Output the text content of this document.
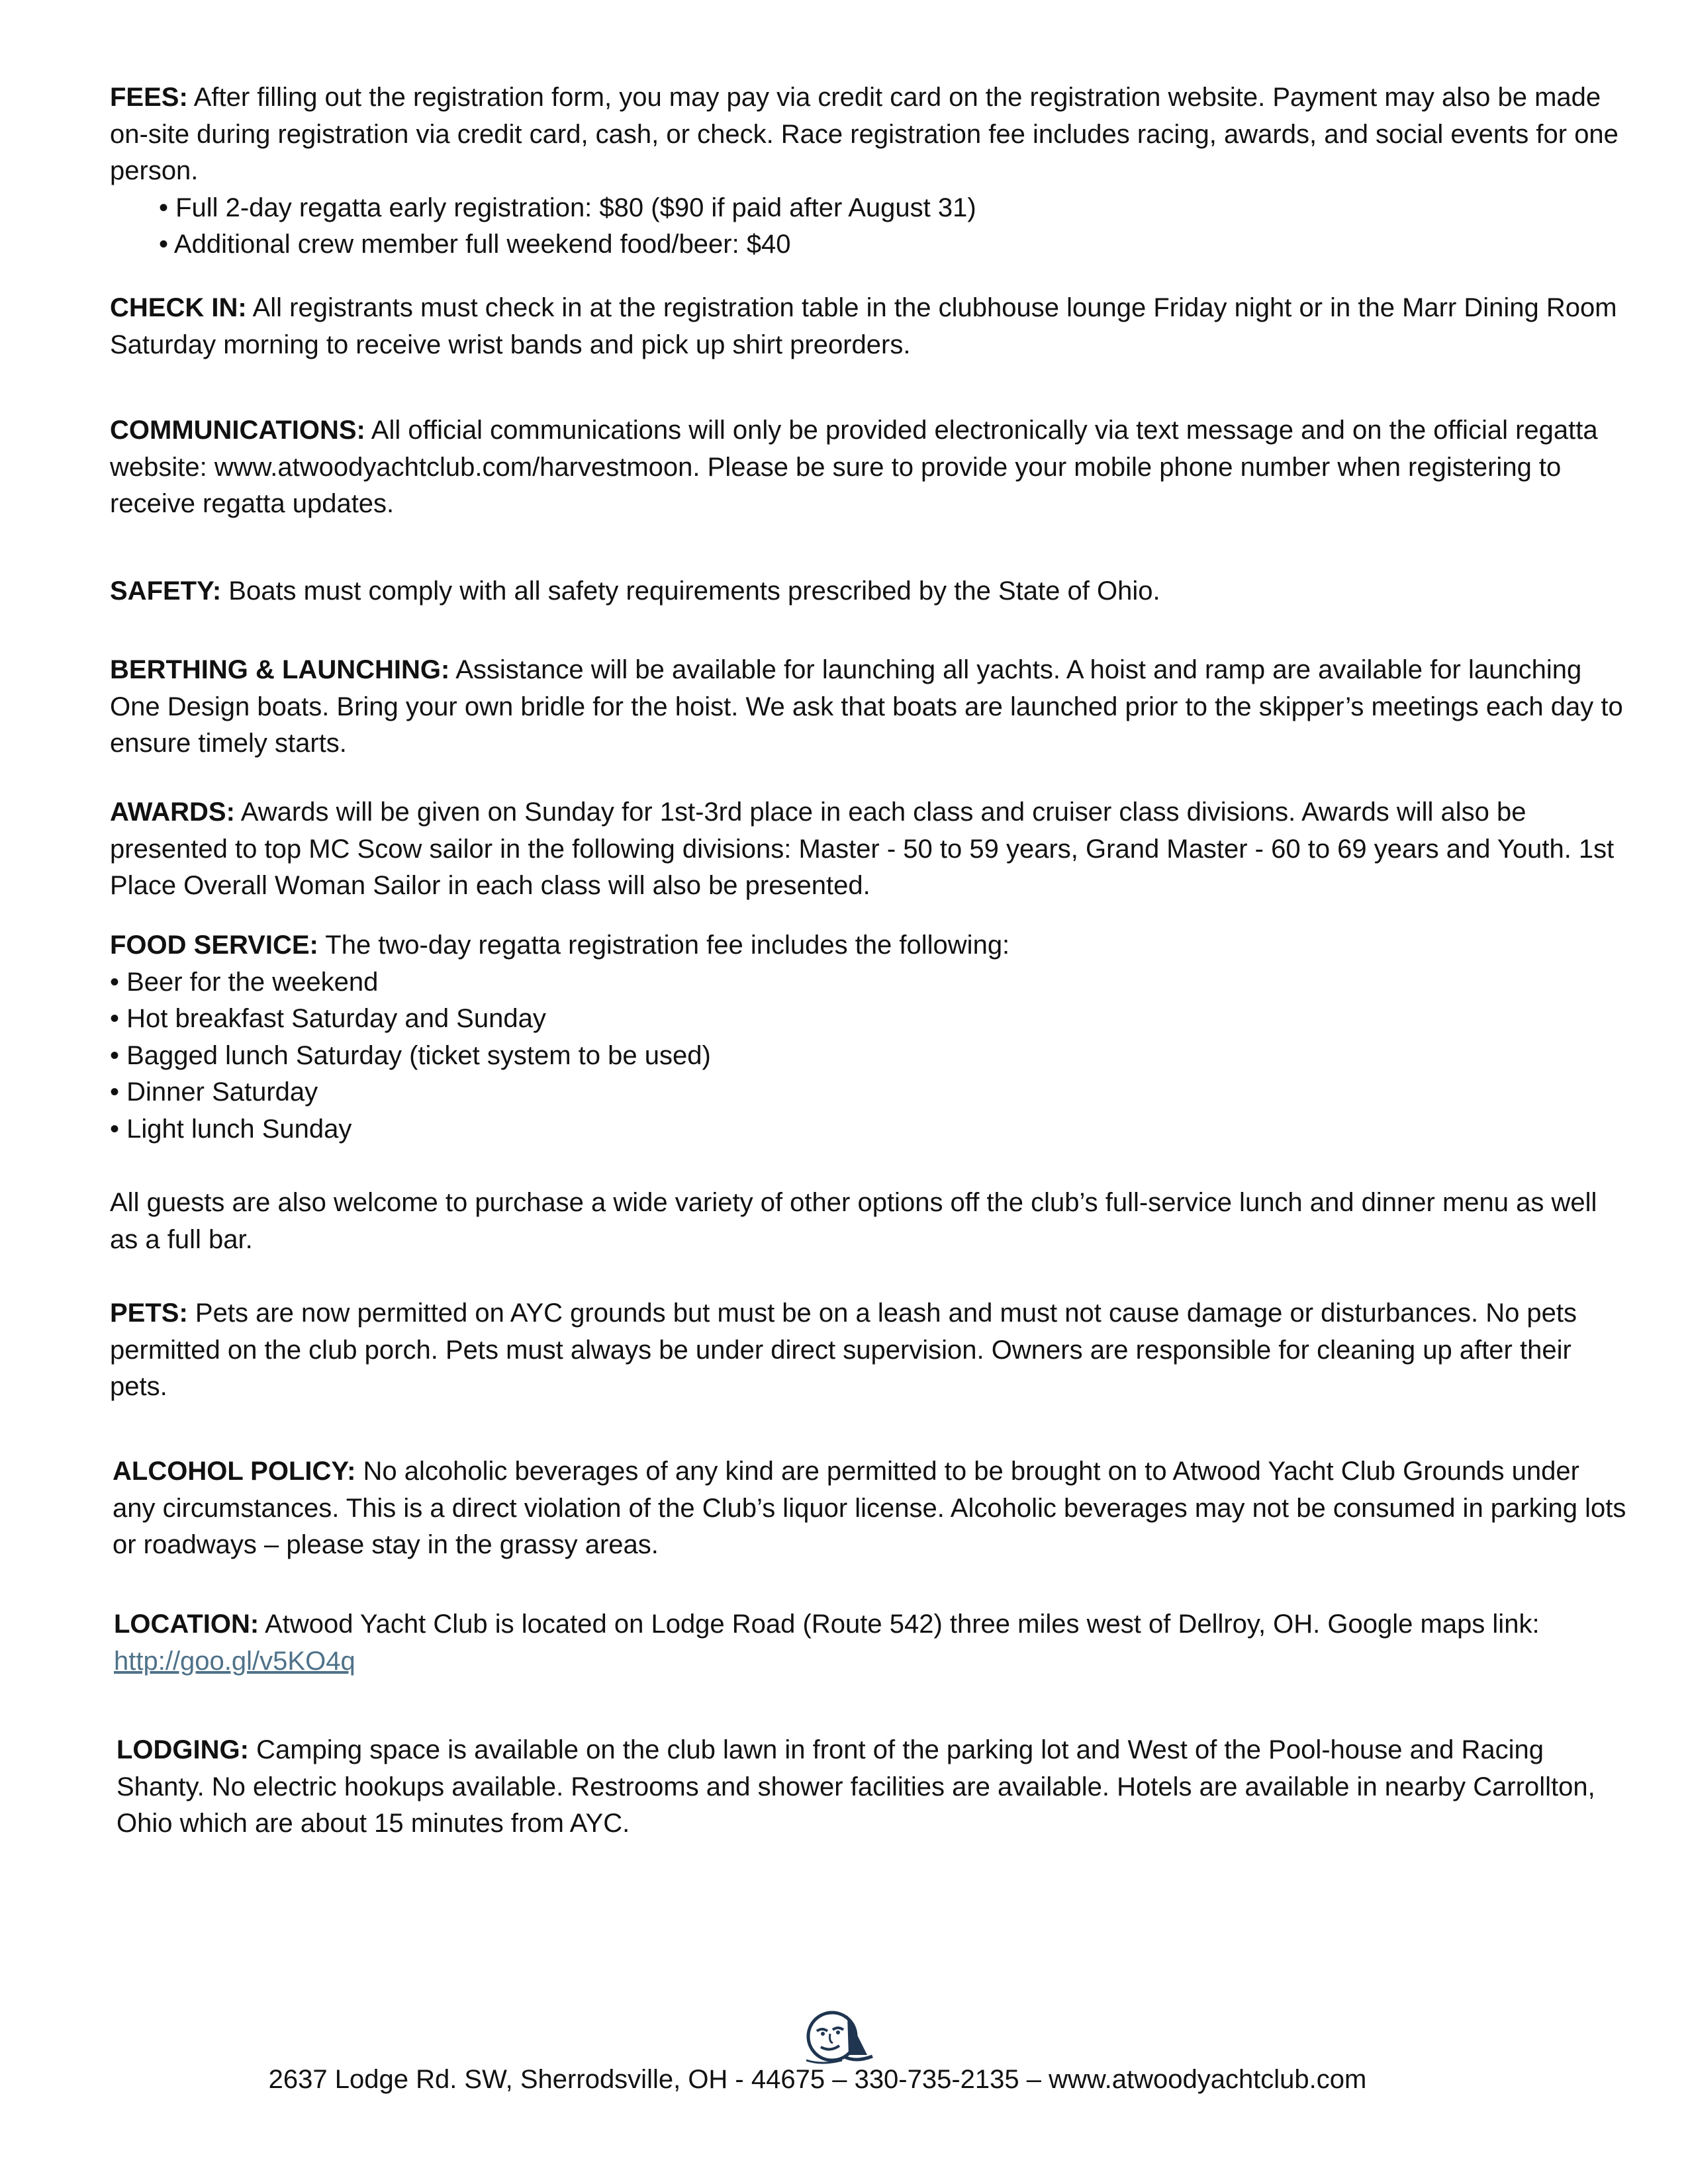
FEES: After filling out the registration form, you may pay via credit card on the registration website. Payment may also be made on-site during registration via credit card, cash, or check. Race registration fee includes racing, awards, and social events for one person.

• Full 2-day regatta early registration: $80 ($90 if paid after August 31)
• Additional crew member full weekend food/beer: $40

CHECK IN: All registrants must check in at the registration table in the clubhouse lounge Friday night or in the Marr Dining Room Saturday morning to receive wrist bands and pick up shirt preorders.

COMMUNICATIONS: All official communications will only be provided electronically via text message and on the official regatta website: www.atwoodyachtclub.com/harvestmoon. Please be sure to provide your mobile phone number when registering to receive regatta updates.

SAFETY: Boats must comply with all safety requirements prescribed by the State of Ohio.

BERTHING & LAUNCHING: Assistance will be available for launching all yachts. A hoist and ramp are available for launching One Design boats. Bring your own bridle for the hoist. We ask that boats are launched prior to the skipper’s meetings each day to ensure timely starts.

AWARDS: Awards will be given on Sunday for 1st-3rd place in each class and cruiser class divisions. Awards will also be presented to top MC Scow sailor in the following divisions: Master - 50 to 59 years, Grand Master - 60 to 69 years and Youth. 1st Place Overall Woman Sailor in each class will also be presented.

FOOD SERVICE: The two-day regatta registration fee includes the following:

• Beer for the weekend
• Hot breakfast Saturday and Sunday
• Bagged lunch Saturday (ticket system to be used)
• Dinner Saturday
• Light lunch Sunday

All guests are also welcome to purchase a wide variety of other options off the club’s full-service lunch and dinner menu as well as a full bar.

PETS: Pets are now permitted on AYC grounds but must be on a leash and must not cause damage or disturbances. No pets permitted on the club porch. Pets must always be under direct supervision. Owners are responsible for cleaning up after their pets.

ALCOHOL POLICY: No alcoholic beverages of any kind are permitted to be brought on to Atwood Yacht Club Grounds under any circumstances. This is a direct violation of the Club’s liquor license. Alcoholic beverages may not be consumed in parking lots or roadways – please stay in the grassy areas.

LOCATION: Atwood Yacht Club is located on Lodge Road (Route 542) three miles west of Dellroy, OH. Google maps link: http://goo.gl/v5KO4q

LODGING: Camping space is available on the club lawn in front of the parking lot and West of the Pool-house and Racing Shanty. No electric hookups available. Restrooms and shower facilities are available. Hotels are available in nearby Carrollton, Ohio which are about 15 minutes from AYC.

2637 Lodge Rd. SW, Sherrodsville, OH - 44675 – 330-735-2135 – www.atwoodyachtclub.com
